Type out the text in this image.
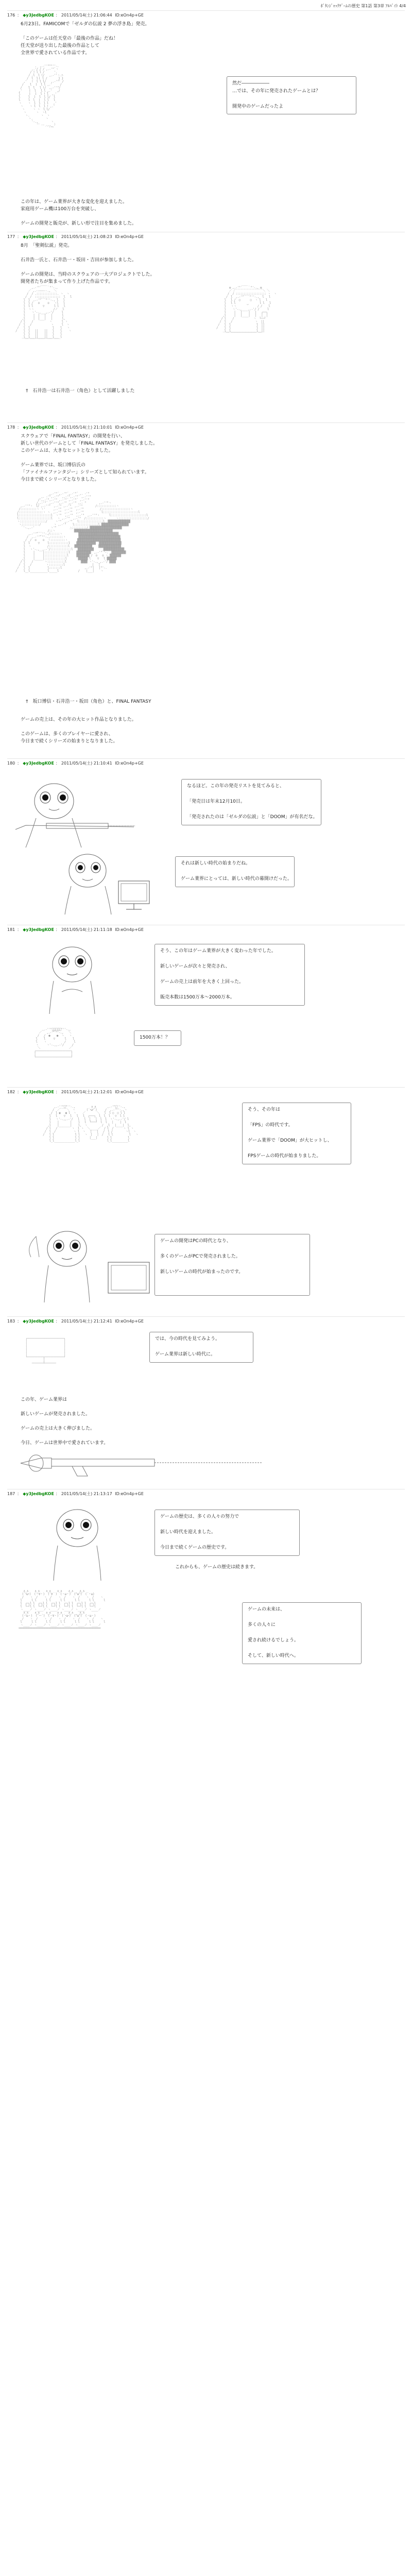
ﾎﾞﾀﾝｼﾞｬｯｸｹﾞｰﾑの歴史 第1話 第3章 ｱﾙﾊﾞｲﾄ 4/4
176 ： ◆y3JedbgKOE ： 2011/05/14(土) 21:06:44 ID:eOn4p+GE
6月23日。FAMICOMで「ゼルダの伝説 2 夢の浮き島」発売。

「このゲームは任天堂の「最後の作品」だね！
任天堂が送り出した最後の作品として
全世界で愛されている作品です。

.  ,.-''"""''-.
,.'/ / / ,.-'"`ヽ
/ ! l l /      '.
/ .l  l !/   ,.-''ヽ.ﾍ
/  l  lｌ l /       } }
,'   !  l l l/   ,.-'"' /
/    l  ｌ  l l ,.'     /
/    l  l   l !/  ,.-''"/
,'    ｌ  l   l l ,.'   ,/
l     ｌ  ｌ  l ! l  ,.'
l     l  ｌ  l  l l/  l
l     l  l  ｌ  l l   l
ヽ    ヽ  l  l  l l   ,'
ヽ    ヽ l  l  l ! ,.'
ヽ     ヽ ヽ  l l/
ヽ      ヽ  ヽl
ヽ.       ヽ  ヽ
ヽ.        ヽ
'-.,        ヽ
'' ‐- ..,_ ）
｀ﾞ''"

然だ――――――
…では、その年に発売されたゲームとは？

開発中のゲームだったよ
この年は、ゲーム業界が大きな変化を迎えました。
家庭用ゲーム機は100万台を突破し、

ゲームの開発と販売が、新しい形で注目を集めました。
177 ： ◆y3JedbgKOE ： 2011/05/14(土) 21:08:23 ID:eOn4p+GE
8月　「聖剣伝説」発売。

石井浩一氏と、石井浩一・坂田・吉田が参加しました。

ゲームの開発は、当時のスクウェアの一大プロジェクトでした。
開発者たちが集まって作り上げた作品です。

,.-'"´￣￣｀"'-.,
／ ,.--―――--.,  ＼
/  / .:::::::::::::. ヽ  ヽ
/  /  ::::::::::::::::  l   l
l  l  ,.-'"ﾞﾞﾞ"''-., l   l
l  l /   o     o   ヽl   l
l  l l      ▽      l l   l
l  ヽヽ            /ノ   l
l    ヽ'-.,___,.-'/     l
l     |  |   |   |      l
,l     |  |___|   |      l,
/ l    /          ヽ      l ヽ
/  l   /            ヽ     l  ヽ
/   l  l              l    l   ヽ
/    l  l   ||    ||   l    l    ヽ
l  l   ||    ||   l    l
l__l___||____||___l____l
￣￣￣￣￣￣￣￣￣￣￣￣￣

✿ ,.-'"´￣￣｀"'-., ✿
／ /ﾞﾞﾞﾞﾞﾞﾞﾞﾞﾞﾞﾞﾞﾞﾞﾞﾞﾞ＼ ＼
/  / ::::::::::::::::::: ヽ  ヽ
/  l  ,.-'"ﾞﾞﾞﾞ"''-.,  l   l
l   l /  ○      ○  ヽ l   l
l   l l       ‿       l l   l
l   ヽヽ             / /    l
l    ヽ'-.,____,.-'/ /     l
l     |   |    |   |   ┌──┐
,l     |   |____|   |   │  │
/ l    /            ヽ  └──┘
/  l   /              ヽ  ||
/   l  l                l  ||
/    l  l                l  ||
l__l________________l__||
￣￣￣￣￣￣￣￣￣￣￣￣￣￣

†　石井浩一は石井浩一（角色）として活躍しました
178 ： ◆y3JedbgKOE ： 2011/05/14(土) 21:10:01 ID:eOn4p+GE
スクウェアで「FINAL FANTASY」の開発を行い、
新しい世代のゲームとして「FINAL FANTASY」を発売しました。
このゲームは、大きなヒットとなりました。

ゲーム業界では、坂口博信氏の
「ファイナルファンタジー」シリーズとして知られています。
今日まで続くシリーズとなりました。

,.-'"´,.-'"´,.-'"´ ,. -'"
,. -'",.-'"´ ,.-'",.-'"´ ,.-''"
/',.-'",.-'" ,.-'"´,.-'"´ ,.-''"
/,.-'"´ ,.-''",.-'" ,.-'" ,.- "        ,.-''"ヽ
,.-''"ヽ  l/ ,.-''"  ,.-'" ,.-'"  ,.-'"        /::::::::::::ヽ
/::::::::::ヽ ヽ'     ,.-'"  ,.-'"  ,.-'"          /::::::::::::::::::ヽ
/:::::::::::::::ヽ ヽ  ,.-'"  ,.-'"  ,.-'"           l::::::::::::::::::::::l
l::::::::::::::::::::l  ヽ'"  ,.-'"  ,.-'"  ,.-''"ヽ      l::::::::::::::::::::::l
l::::::::::::::::::::l   ヽ ,.-'"  ,.-'"  /:::::::::::ヽ      ヽ::::::::::::::::::/
ヽ::::::::::::::::/     ヽ'"  ,.-'"   l:::::::::::::::l  ▓▓▓▓▓▓▓▓▓▓▓▓▓▓
ヽ:::::::::::/        ヽ ,.-'"    l:::::::::::::::l ▓▓▓▓▓▓▓▓▓▓▓▓▓▓▓▓▓
｀'-.,.-'          ヽ'"        ヽ:::::::::/ ▓▓▓▓▓▓▓▓▓▓▓▓▓▓▓▓▓▓▓▓
/::ヽ         ￣ ▓▓▓▓▓▓▓▓▓▓▓▓▓▓▓▓▓▓▓▓▓▓▓▓
,.-''"ﾞﾞﾞ''-./::::::ヽ          ▓▓▓▓▓▓▓▓▓▓▓▓▓▓▓▓▓▓▓▓▓▓▓▓▓
/  ,.-''"ﾞ"'-.,::::::::ヽ        ▓▓▓▓▓▓▓▓▓▓▓▓▓▓▓▓▓▓▓▓▓▓▓▓▓▓
/  /  o    o  ヽ:::::::::ヽ      ▓▓▓▓▓▓▓▓▓▓▓▓▓▓▓▓▓▓▓▓▓▓▓▓▓▓▓
l  l     ▽     l::::::::::::l    ▓▓▓▓▓▓▓▓▓▓▓▓  ▓▓▓▓▓▓▓▓▓▓▓▓▓▓
l  ヽ          /::::::::::::l   ▓▓▓▓▓▓▓▓▓▓▓    ▓▓▓▓▓▓▓▓▓▓▓▓▓▓
l   ヽ'-.,__,.-'/:::::::::::::l   ▓▓▓▓▓▓▓▓▓▓      ▓▓▓▓▓▓▓▓▓▓▓▓▓
l     |     |:::::::::::::::l    ▓▓▓▓▓▓▓▓▓  ,.-'"ﾞ'-.  ▓▓▓▓▓▓▓▓▓
l     |     |::::::::::::::l     ▓▓▓▓▓▓▓▓ /  o   o ヽ ▓▓▓▓▓▓▓
,l     |_____|:::::::::::::l       ▓▓▓▓▓▓ l    ▽   l ▓▓▓▓▓▓
/ l    /       ヽ:::::::::::l         ▓▓▓▓ ヽ'-.,_,.-'/ ▓▓▓▓
/  l   /         ヽ:::::::::l                 |   |
/   l  l           l:::::::l              ,.-'"|   |"'-.
/    l__l___________l_____l            /    |___|    ヽ

†　坂口博信・石井浩一・坂田（角色）と、FINAL FANTASY
ゲームの売上は、その年の大ヒット作品となりました。

このゲームは、多くのプレイヤーに愛され、
今日まで続くシリーズの始まりとなりました。
180 ： ◆y3JedbgKOE ： 2011/05/14(土) 21:10:41 ID:eOn4p+GE
なるほど。この年の発売リストを見てみると、

「発売日は年末12月10日。

「発売されたのは「ゼルダの伝説」と「DOOM」が有名だな。
それは新しい時代の始まりだね。

ゲーム業界にとっては、新しい時代の幕開けだった。
181 ： ◆y3JedbgKOE ： 2011/05/14(土) 21:11:18 ID:eOn4p+GE
そう、この年はゲーム業界が大きく変わった年でした。

新しいゲームが次々と発売され、

ゲームの売上は前年を大きく上回った。

販売本数は1500万本～2000万本。

,.-''"ﾞﾞﾞﾞﾞ"''-.,
／   ,.-'"ﾞ"'-.,   ＼
/   /  ●    ●  ヽ   ヽ
l    l     ▽      l    l
l    ヽ           /     l
ヽ     ヽ'-.,,.-'/     /
＼                  ／
┌──────────────────────┐
│                      │
└──────────────────────┘

1500万本！？
182 ： ◆y3JedbgKOE ： 2011/05/14(土) 21:12:01 ID:eOn4p+GE

,.-''"ﾞ"''-.,          ∧_∧       ,.-'"ﾞ''-.,
/  ／ﾞﾞﾞﾞ＼  ヽ       (´･ω･`)     /  ,.-'"'-.,ヽ
/  l ◉   ◉ l  ヽ    ／       ＼   l  l ○  ○ l l
l   l    ▽   l   l   l  ┌───┐  l  l  l   ▽  l l
l   ヽ'-.,,.-'/   l   l  │   │  l  l  ヽ'-.,.-'/ l
l    |       |    l   l  └───┘  l  l   |    |  l
,l    |_______|    l,  ヽ         /  ,l   |____|  l,
/ l   /         ヽ  l ヽ  ＼_____／  / l  /      ヽ l ヽ
/  l  /           ヽ l  ヽ   |   |   /  l /        ヽl  ヽ
/   l l             l l   ヽ  |   |  /   l l          l   ヽ
l l             l l      |___|      l l          l
l_l_____________l_l                 l_l__________l

そう、その年は

「FPS」の時代です。

ゲーム業界で「DOOM」が大ヒットし、

FPSゲームの時代が始まりました。
ゲームの開発はPCの時代となり、

多くのゲームがPCで発売されました。

新しいゲームの時代が始まったのです。
183 ： ◆y3JedbgKOE ： 2011/05/14(土) 21:12:41 ID:eOn4p+GE
では、今の時代を見てみよう。

ゲーム業界は新しい時代に。

┌───────────────────────┐
│                       │
│                       │
│                       │
│                       │
│                       │
└──────────┬────────────┘
│
───────┴───────

この年、ゲーム業界は

新しいゲームが発売されました。

ゲームの売上は大きく伸びました。

今日、ゲームは世界中で愛されています。
187 ： ◆y3JedbgKOE ： 2011/05/14(土) 21:13:17 ID:eOn4p+GE
ゲームの歴史は、多くの人々の努力で

新しい時代を迎えました。

今日まで続くゲームの歴史です。
これからも、ゲームの歴史は続きます。

∧_∧    ∧_∧    ∧_∧    ∧_∧    ∧_∧    ∧_∧
(´･ω･)  (・∀・)  (´∀｀)  (・ω・)  (^ω^)  (´・ω)
/    ヽ  /    ヽ  /    ヽ  /    ヽ  /    ヽ  /    ヽ
l      l l      l l      l l      l l      l l      l
l  ┌─┐l l  ┌─┐l l  ┌─┐l l  ┌─┐l l  ┌─┐l l  ┌─┐l
l  └─┘l l  └─┘l l  └─┘l l  └─┘l l  └─┘l l  └─┘l
ヽ____ノ ヽ____ノ ヽ____ノ ヽ____ノ ヽ____ノ ヽ____ノ
∧_∧    ∧_∧    ∧_∧    ∧_∧    ∧_∧    ∧_∧
(・ω・)  (´ー`)  (・∀・)  (´･ω･)  (^ω^)  (・ω・)
/    ヽ  /    ヽ  /    ヽ  /    ヽ  /    ヽ  /    ヽ
l      l l      l l      l l      l l      l l      l
ヽ____ノ ヽ____ノ ヽ____ノ ヽ____ノ ヽ____ノ ヽ____ノ
═══════════════════════════════════════════════════

ゲームの未来は、

多くの人々に

愛され続けるでしょう。

そして、新しい時代へ。
